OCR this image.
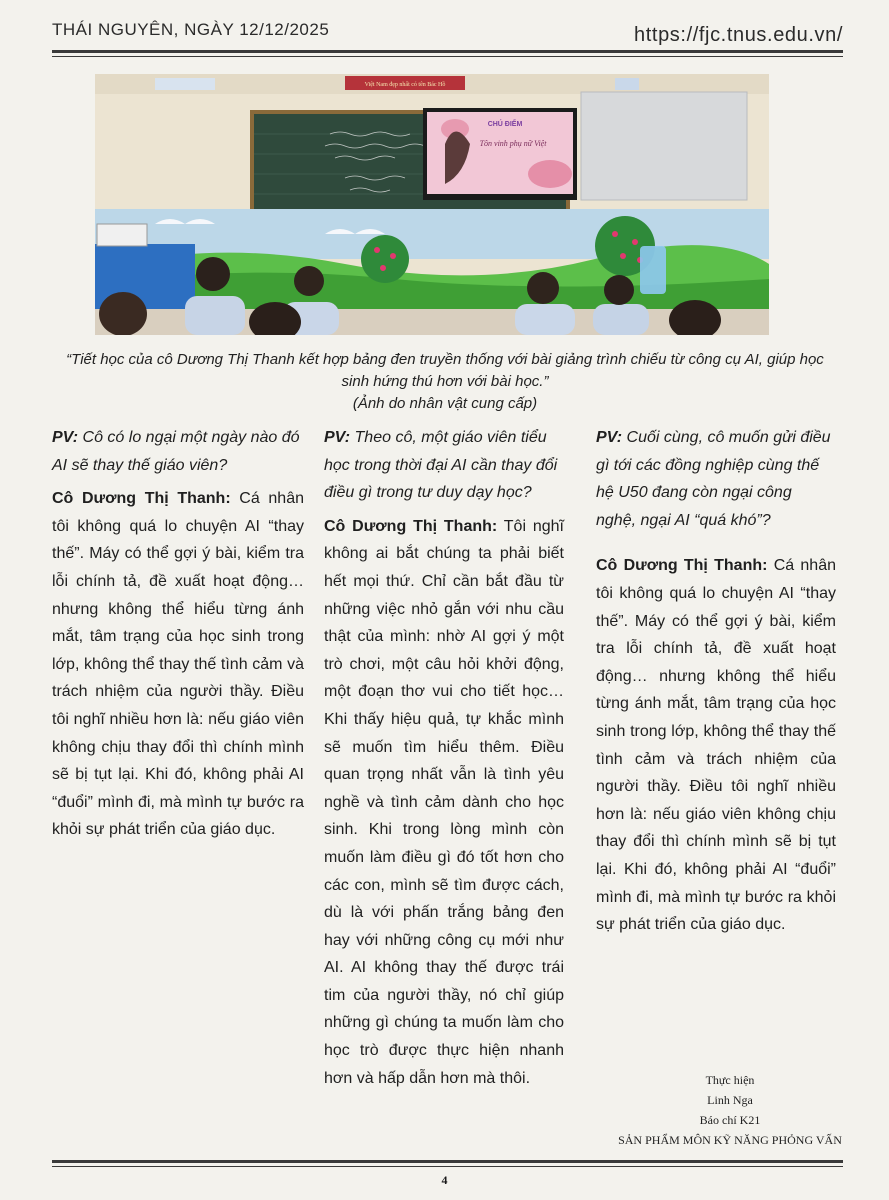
THÁI NGUYÊN, NGÀY 12/12/2025	https://fjc.tnus.edu.vn/
Việt Nam đẹp nhất có tên Bác Hồ
CHÚ ĐIỂM
Tôn vinh phụ nữ Việt
“Tiết học của cô Dương Thị Thanh kết hợp bảng đen truyền thống với bài giảng trình chiếu từ công cụ AI, giúp học sinh hứng thú hơn với bài học.”
(Ảnh do nhân vật cung cấp)

PV: Cô có lo ngại một ngày nào đó AI sẽ thay thế giáo viên?

Cô Dương Thị Thanh: Cá nhân tôi không quá lo chuyện AI “thay thế”. Máy có thể gợi ý bài, kiểm tra lỗi chính tả, đề xuất hoạt động… nhưng không thể hiểu từng ánh mắt, tâm trạng của học sinh trong lớp, không thể thay thế tình cảm và trách nhiệm của người thầy. Điều tôi nghĩ nhiều hơn là: nếu giáo viên không chịu thay đổi thì chính mình sẽ bị tụt lại. Khi đó, không phải AI “đuổi” mình đi, mà mình tự bước ra khỏi sự phát triển của giáo dục.

PV: Theo cô, một giáo viên tiểu học trong thời đại AI cần thay đổi điều gì trong tư duy dạy học?

Cô Dương Thị Thanh: Tôi nghĩ không ai bắt chúng ta phải biết hết mọi thứ. Chỉ cần bắt đầu từ những việc nhỏ gắn với nhu cầu thật của mình: nhờ AI gợi ý một trò chơi, một câu hỏi khởi động, một đoạn thơ vui cho tiết học… Khi thấy hiệu quả, tự khắc mình sẽ muốn tìm hiểu thêm. Điều quan trọng nhất vẫn là tình yêu nghề và tình cảm dành cho học sinh. Khi trong lòng mình còn muốn làm điều gì đó tốt hơn cho các con, mình sẽ tìm được cách, dù là với phấn trắng bảng đen hay với những công cụ mới như AI. AI không thay thế được trái tim của người thầy, nó chỉ giúp những gì chúng ta muốn làm cho học trò được thực hiện nhanh hơn và hấp dẫn hơn mà thôi.

PV: Cuối cùng, cô muốn gửi điều gì tới các đồng nghiệp cùng thế hệ U50 đang còn ngại công nghệ, ngại AI “quá khó”?

Cô Dương Thị Thanh: Cá nhân tôi không quá lo chuyện AI “thay thế”. Máy có thể gợi ý bài, kiểm tra lỗi chính tả, đề xuất hoạt động… nhưng không thể hiểu từng ánh mắt, tâm trạng của học sinh trong lớp, không thể thay thế tình cảm và trách nhiệm của người thầy. Điều tôi nghĩ nhiều hơn là: nếu giáo viên không chịu thay đổi thì chính mình sẽ bị tụt lại. Khi đó, không phải AI “đuổi” mình đi, mà mình tự bước ra khỏi sự phát triển của giáo dục.

Thực hiện
Linh Nga
Báo chí K21
SẢN PHẨM MÔN KỸ NĂNG PHỎNG VẤN
4
